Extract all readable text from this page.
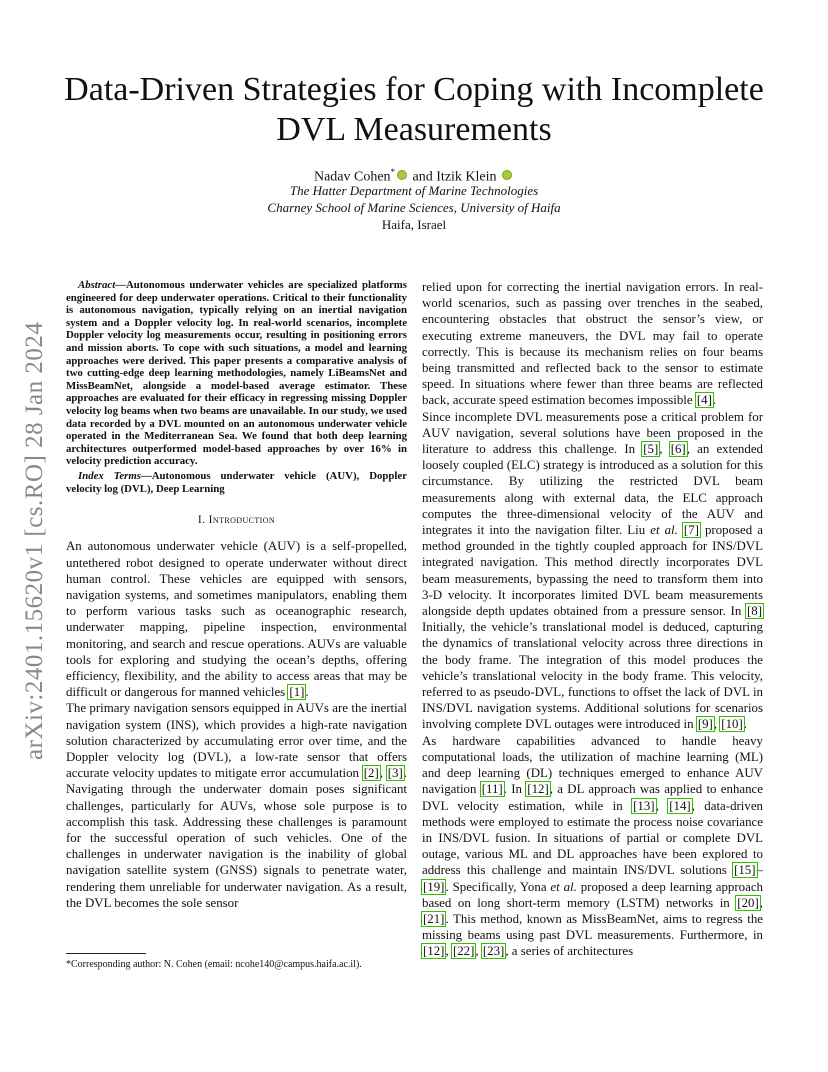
arXiv:2401.15620v1 [cs.RO] 28 Jan 2024
Data-Driven Strategies for Coping with Incomplete
DVL Measurements
Nadav Cohen* and Itzik Klein
The Hatter Department of Marine Technologies
Charney School of Marine Sciences, University of Haifa
Haifa, Israel

Abstract—Autonomous underwater vehicles are specialized platforms engineered for deep underwater operations. Critical to their functionality is autonomous navigation, typically relying on an inertial navigation system and a Doppler velocity log. In real-world scenarios, incomplete Doppler velocity log measurements occur, resulting in positioning errors and mission aborts. To cope with such situations, a model and learning approaches were derived. This paper presents a comparative analysis of two cutting-edge deep learning methodologies, namely LiBeamsNet and MissBeamNet, alongside a model-based average estimator. These approaches are evaluated for their efficacy in regressing missing Doppler velocity log beams when two beams are unavailable. In our study, we used data recorded by a DVL mounted on an autonomous underwater vehicle operated in the Mediterranean Sea. We found that both deep learning architectures outperformed model-based approaches by over 16% in velocity prediction accuracy.

Index Terms—Autonomous underwater vehicle (AUV), Doppler velocity log (DVL), Deep Learning

I. Introduction

An autonomous underwater vehicle (AUV) is a self-propelled, untethered robot designed to operate underwater without direct human control. These vehicles are equipped with sensors, navigation systems, and sometimes manipulators, enabling them to perform various tasks such as oceanographic research, underwater mapping, pipeline inspection, environmental monitoring, and search and rescue operations. AUVs are valuable tools for exploring and studying the ocean’s depths, offering efficiency, flexibility, and the ability to access areas that may be difficult or dangerous for manned vehicles [1].

The primary navigation sensors equipped in AUVs are the inertial navigation system (INS), which provides a high-rate navigation solution characterized by accumulating error over time, and the Doppler velocity log (DVL), a low-rate sensor that offers accurate velocity updates to mitigate error accumulation [2], [3]. Navigating through the underwater domain poses significant challenges, particularly for AUVs, whose sole purpose is to accomplish this task. Addressing these challenges is paramount for the successful operation of such vehicles. One of the challenges in underwater navigation is the inability of global navigation satellite system (GNSS) signals to penetrate water, rendering them unreliable for underwater navigation. As a result, the DVL becomes the sole sensor

relied upon for correcting the inertial navigation errors. In real-world scenarios, such as passing over trenches in the seabed, encountering obstacles that obstruct the sensor’s view, or executing extreme maneuvers, the DVL may fail to operate correctly. This is because its mechanism relies on four beams being transmitted and reflected back to the sensor to estimate speed. In situations where fewer than three beams are reflected back, accurate speed estimation becomes impossible [4].

Since incomplete DVL measurements pose a critical problem for AUV navigation, several solutions have been proposed in the literature to address this challenge. In [5], [6], an extended loosely coupled (ELC) strategy is introduced as a solution for this circumstance. By utilizing the restricted DVL beam measurements along with external data, the ELC approach computes the three-dimensional velocity of the AUV and integrates it into the navigation filter. Liu et al. [7] proposed a method grounded in the tightly coupled approach for INS/DVL integrated navigation. This method directly incorporates DVL beam measurements, bypassing the need to transform them into 3-D velocity. It incorporates limited DVL beam measurements alongside depth updates obtained from a pressure sensor. In [8] Initially, the vehicle’s translational model is deduced, capturing the dynamics of translational velocity across three directions in the body frame. The integration of this model produces the vehicle’s translational velocity in the body frame. This velocity, referred to as pseudo-DVL, functions to offset the lack of DVL in INS/DVL navigation systems. Additional solutions for scenarios involving complete DVL outages were introduced in [9], [10].

As hardware capabilities advanced to handle heavy computational loads, the utilization of machine learning (ML) and deep learning (DL) techniques emerged to enhance AUV navigation [11]. In [12], a DL approach was applied to enhance DVL velocity estimation, while in [13], [14], data-driven methods were employed to estimate the process noise covariance in INS/DVL fusion. In situations of partial or complete DVL outage, various ML and DL approaches have been explored to address this challenge and maintain INS/DVL solutions [15]–[19]. Specifically, Yona et al. proposed a deep learning approach based on long short-term memory (LSTM) networks in [20], [21]. This method, known as MissBeamNet, aims to regress the missing beams using past DVL measurements. Furthermore, in [12], [22], [23], a series of architectures

*Corresponding author: N. Cohen (email: ncohe140@campus.haifa.ac.il).
